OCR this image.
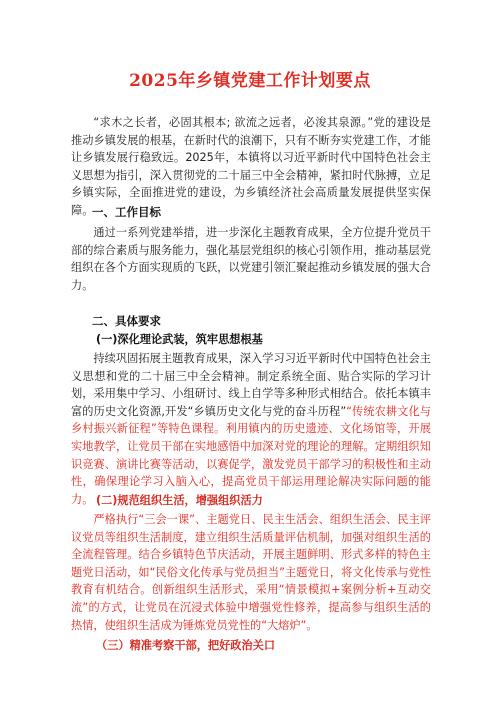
2025年乡镇党建工作计划要点

“求木之长者，必固其根本; 欲流之远者，必浚其泉源。”党的建设是推动乡镇发展的根基，在新时代的浪潮下，只有不断夯实党建工作，才能让乡镇发展行稳致远。2025年，本镇将以习近平新时代中国特色社会主义思想为指引，深入贯彻党的二十届三中全会精神，紧扣时代脉搏，立足乡镇实际，全面推进党的建设，为乡镇经济社会高质量发展提供坚实保障。

一、工作目标

通过一系列党建举措，进一步深化主题教育成果，全方位提升党员干部的综合素质与服务能力，强化基层党组织的核心引领作用，推动基层党组织在各个方面实现质的飞跃，以党建引领汇聚起推动乡镇发展的强大合力。

二、具体要求

(一)深化理论武装，筑牢思想根基

持续巩固拓展主题教育成果，深入学习习近平新时代中国特色社会主义思想和党的二十届三中全会精神。制定系统全面、贴合实际的学习计划，采用集中学习、小组研讨、线上自学等多种形式相结合。依托本镇丰富的历史文化资源,开发“乡镇历史文化与党的奋斗历程”“传统农耕文化与乡村振兴新征程”等特色课程。利用镇内的历史遗迹、文化场馆等，开展实地教学，让党员干部在实地感悟中加深对党的理论的理解。定期组织知识竞赛、演讲比赛等活动，以赛促学，激发党员干部学习的积极性和主动性，确保理论学习入脑入心，提高党员干部运用理论解决实际问题的能力。 (二)规范组织生活，增强组织活力

严格执行“三会一课”、主题党日、民主生活会、组织生活会、民主评议党员等组织生活制度，建立组织生活质量评估机制，加强对组织生活的全流程管理。结合乡镇特色节庆活动，开展主题鲜明、形式多样的特色主题党日活动，如“民俗文化传承与党员担当”主题党日，将文化传承与党性教育有机结合。创新组织生活形式，采用“情景模拟+案例分析+互动交流”的方式，让党员在沉浸式体验中增强党性修养，提高参与组织生活的热情，使组织生活成为锤炼党员党性的“大熔炉”。

（三）精准考察干部，把好政治关口
